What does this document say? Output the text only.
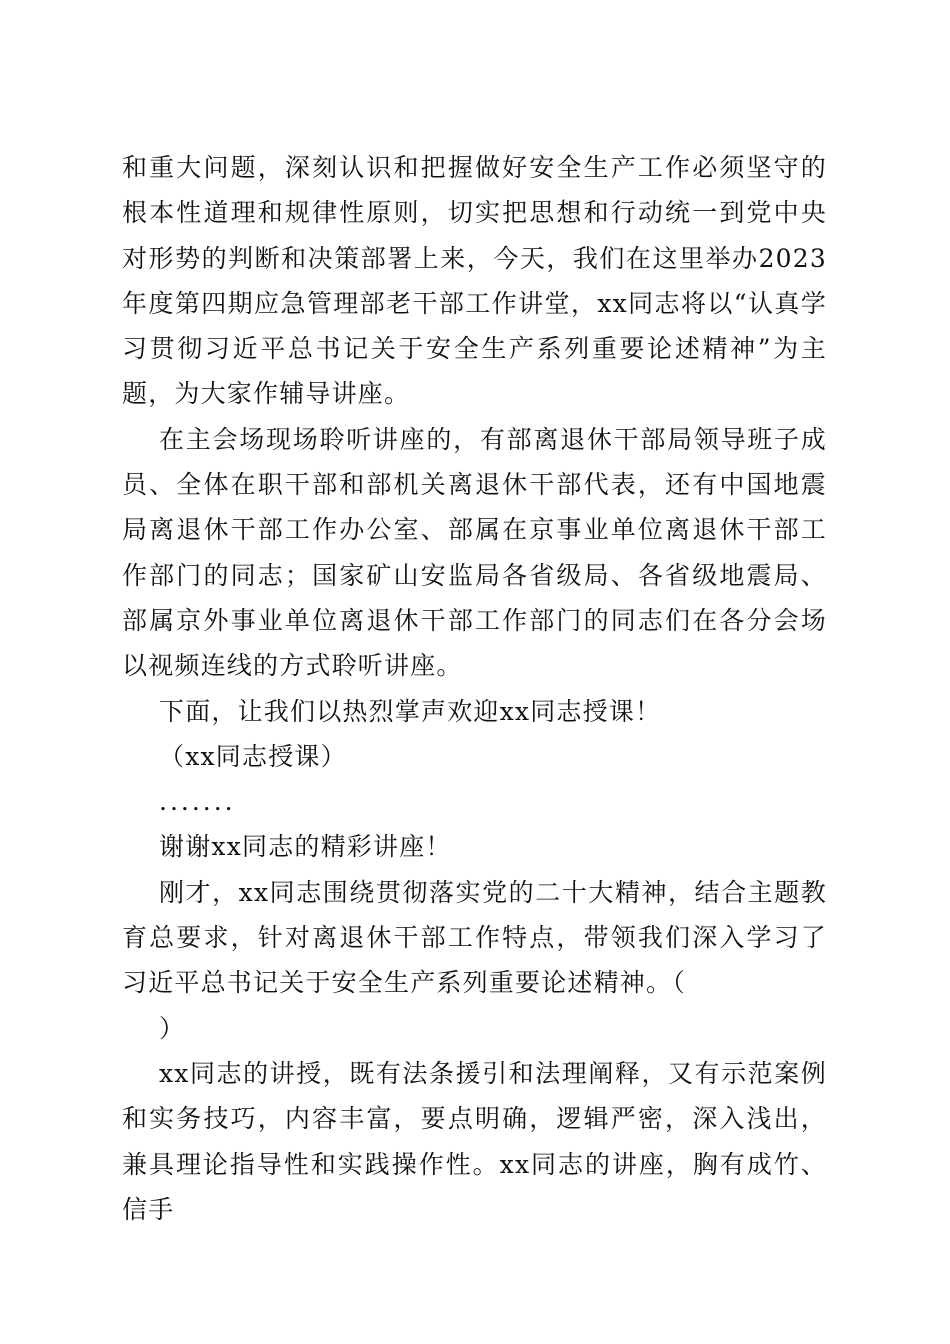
和重大问题，深刻认识和把握做好安全生产工作必须坚守的根本性道理和规律性原则，切实把思想和行动统一到党中央对形势的判断和决策部署上来，今天，我们在这里举办2023年度第四期应急管理部老干部工作讲堂，xx同志将以“认真学习贯彻习近平总书记关于安全生产系列重要论述精神”为主题，为大家作辅导讲座。

在主会场现场聆听讲座的，有部离退休干部局领导班子成员、全体在职干部和部机关离退休干部代表，还有中国地震局离退休干部工作办公室、部属在京事业单位离退休干部工作部门的同志；国家矿山安监局各省级局、各省级地震局、部属京外事业单位离退休干部工作部门的同志们在各分会场以视频连线的方式聆听讲座。

下面，让我们以热烈掌声欢迎xx同志授课！

（xx同志授课）

.......

谢谢xx同志的精彩讲座！

刚才，xx同志围绕贯彻落实党的二十大精神，结合主题教育总要求，针对离退休干部工作特点，带领我们深入学习了习近平总书记关于安全生产系列重要论述精神。（

）

xx同志的讲授，既有法条援引和法理阐释，又有示范案例和实务技巧，内容丰富，要点明确，逻辑严密，深入浅出，兼具理论指导性和实践操作性。xx同志的讲座，胸有成竹、信手
